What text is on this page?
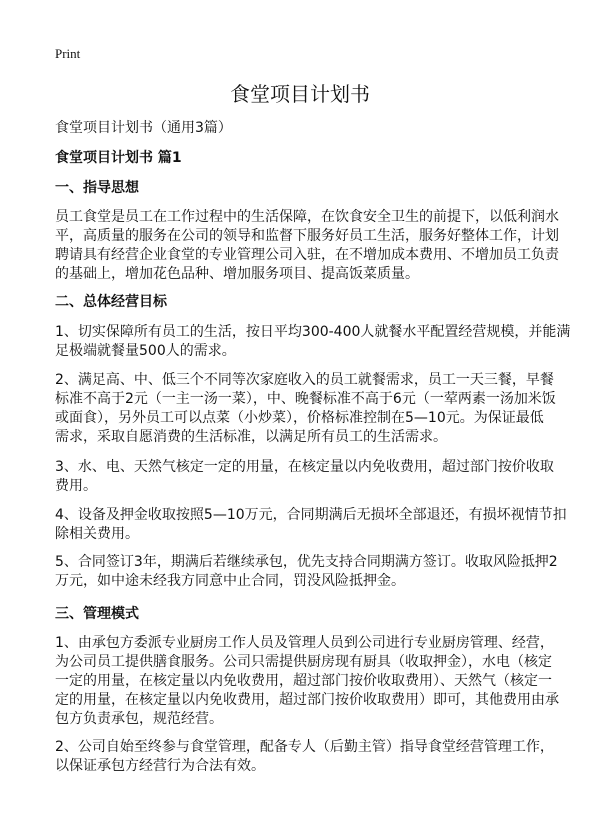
Print
食堂项目计划书
食堂项目计划书（通用3篇）
食堂项目计划书 篇1
一、指导思想
员工食堂是员工在工作过程中的生活保障，在饮食安全卫生的前提下，以低利润水
平，高质量的服务在公司的领导和监督下服务好员工生活，服务好整体工作，计划
聘请具有经营企业食堂的专业管理公司入驻，在不增加成本费用、不增加员工负责
的基础上，增加花色品种、增加服务项目、提高饭菜质量。
二、总体经营目标
1、切实保障所有员工的生活，按日平均300-400人就餐水平配置经营规模，并能满
足极端就餐量500人的需求。
2、满足高、中、低三个不同等次家庭收入的员工就餐需求，员工一天三餐，早餐
标准不高于2元（一主一汤一菜），中、晚餐标准不高于6元（一荤两素一汤加米饭
或面食），另外员工可以点菜（小炒菜），价格标准控制在5—10元。为保证最低
需求，采取自愿消费的生活标准，以满足所有员工的生活需求。
3、水、电、天然气核定一定的用量，在核定量以内免收费用，超过部门按价收取
费用。
4、设备及押金收取按照5—10万元，合同期满后无损坏全部退还，有损坏视情节扣
除相关费用。
5、合同签订3年，期满后若继续承包，优先支持合同期满方签订。收取风险抵押2
万元，如中途未经我方同意中止合同，罚没风险抵押金。
三、管理模式
1、由承包方委派专业厨房工作人员及管理人员到公司进行专业厨房管理、经营，
为公司员工提供膳食服务。公司只需提供厨房现有厨具（收取押金），水电（核定
一定的用量，在核定量以内免收费用，超过部门按价收取费用）、天然气（核定一
定的用量，在核定量以内免收费用，超过部门按价收取费用）即可，其他费用由承
包方负责承包，规范经营。
2、公司自始至终参与食堂管理，配备专人（后勤主管）指导食堂经营管理工作，
以保证承包方经营行为合法有效。
